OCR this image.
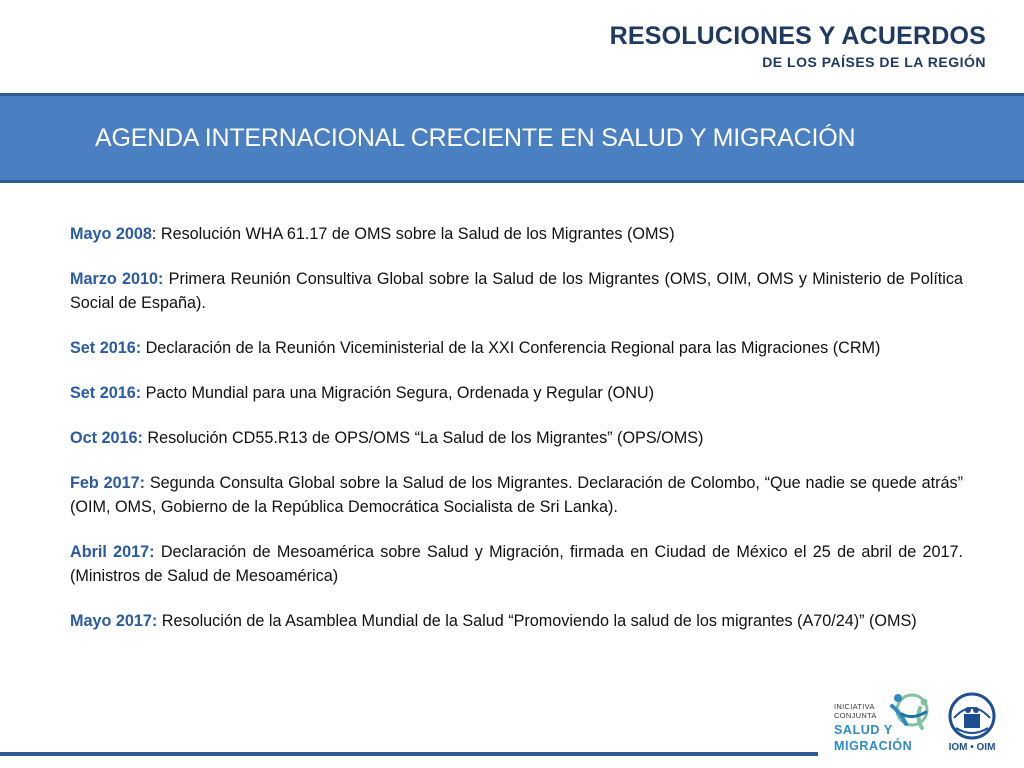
RESOLUCIONES Y ACUERDOS
DE LOS PAÍSES DE LA REGIÓN
AGENDA INTERNACIONAL CRECIENTE EN SALUD Y MIGRACIÓN

Mayo 2008: Resolución WHA 61.17 de OMS sobre la Salud de los Migrantes (OMS)

Marzo 2010: Primera Reunión Consultiva Global sobre la Salud de los Migrantes (OMS, OIM, OMS y Ministerio de Política Social de España).

Set 2016: Declaración de la Reunión Viceministerial de la XXI Conferencia Regional para las Migraciones (CRM)

Set 2016: Pacto Mundial para una Migración Segura, Ordenada y Regular (ONU)

Oct 2016: Resolución CD55.R13 de OPS/OMS “La Salud de los Migrantes” (OPS/OMS)

Feb 2017: Segunda Consulta Global sobre la Salud de los Migrantes. Declaración de Colombo, “Que nadie se quede atrás” (OIM, OMS, Gobierno de la República Democrática Socialista de Sri Lanka).

Abril 2017: Declaración de Mesoamérica sobre Salud y Migración, firmada en Ciudad de México el 25 de abril de 2017. (Ministros de Salud de Mesoamérica)

Mayo 2017: Resolución de la Asamblea Mundial de la Salud “Promoviendo la salud de los migrantes (A70/24)” (OMS)

INICIATIVA
CONJUNTA
SALUD Y
MIGRACIÓN	IOM • OIM
